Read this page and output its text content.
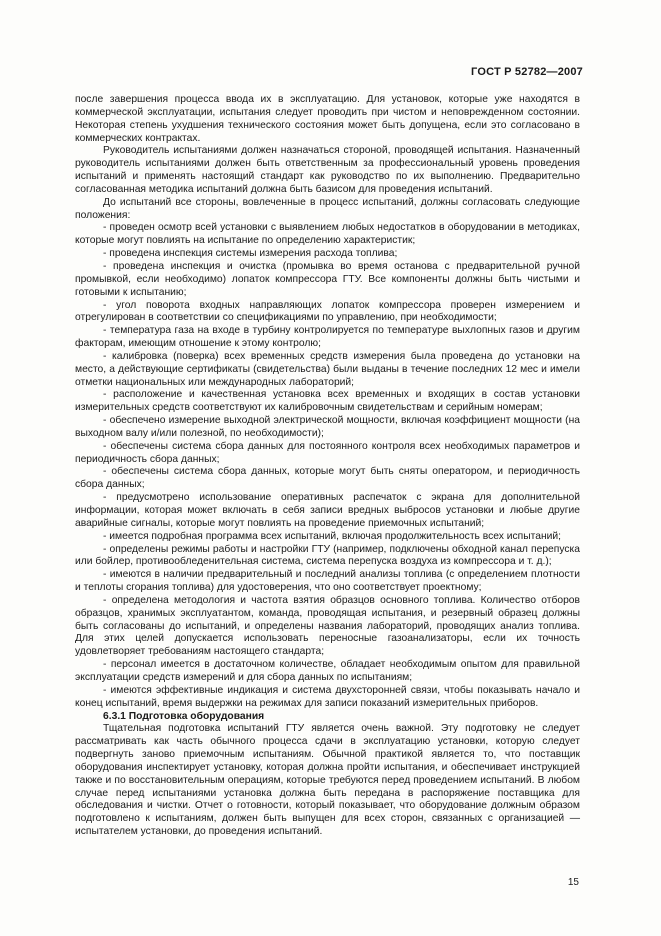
ГОСТ Р 52782—2007

после завершения процесса ввода их в эксплуатацию. Для установок, которые уже находятся в коммерческой эксплуатации, испытания следует проводить при чистом и неповрежденном состоянии. Некоторая степень ухудшения технического состояния может быть допущена, если это согласовано в коммерческих контрактах.

Руководитель испытаниями должен назначаться стороной, проводящей испытания. Назначенный руководитель испытаниями должен быть ответственным за профессиональный уровень проведения испытаний и применять настоящий стандарт как руководство по их выполнению. Предварительно согласованная методика испытаний должна быть базисом для проведения испытаний.

До испытаний все стороны, вовлеченные в процесс испытаний, должны согласовать следующие положения:

- проведен осмотр всей установки с выявлением любых недостатков в оборудовании в методиках, которые могут повлиять на испытание по определению характеристик;

- проведена инспекция системы измерения расхода топлива;

- проведена инспекция и очистка (промывка во время останова с предварительной ручной промывкой, если необходимо) лопаток компрессора ГТУ. Все компоненты должны быть чистыми и готовыми к испытанию;

- угол поворота входных направляющих лопаток компрессора проверен измерением и отрегулирован в соответствии со спецификациями по управлению, при необходимости;

- температура газа на входе в турбину контролируется по температуре выхлопных газов и другим факторам, имеющим отношение к этому контролю;

- калибровка (поверка) всех временных средств измерения была проведена до установки на место, а действующие сертификаты (свидетельства) были выданы в течение последних 12 мес и имели отметки национальных или международных лабораторий;

- расположение и качественная установка всех временных и входящих в состав установки измерительных средств соответствуют их калибровочным свидетельствам и серийным номерам;

- обеспечено измерение выходной электрической мощности, включая коэффициент мощности (на выходном валу и/или полезной, по необходимости);

- обеспечены система сбора данных для постоянного контроля всех необходимых параметров и периодичность сбора данных;

- обеспечены система сбора данных, которые могут быть сняты оператором, и периодичность сбора данных;

- предусмотрено использование оперативных распечаток с экрана для дополнительной информации, которая может включать в себя записи вредных выбросов установки и любые другие аварийные сигналы, которые могут повлиять на проведение приемочных испытаний;

- имеется подробная программа всех испытаний, включая продолжительность всех испытаний;

- определены режимы работы и настройки ГТУ (например, подключены обходной канал перепуска или бойлер, противообледенительная система, система перепуска воздуха из компрессора и т. д.);

- имеются в наличии предварительный и последний анализы топлива (с определением плотности и теплоты сгорания топлива) для удостоверения, что оно соответствует проектному;

- определена методология и частота взятия образцов основного топлива. Количество отборов образцов, хранимых эксплуатантом, команда, проводящая испытания, и резервный образец должны быть согласованы до испытаний, и определены названия лабораторий, проводящих анализ топлива. Для этих целей допускается использовать переносные газоанализаторы, если их точность удовлетворяет требованиям настоящего стандарта;

- персонал имеется в достаточном количестве, обладает необходимым опытом для правильной эксплуатации средств измерений и для сбора данных по испытаниям;

- имеются эффективные индикация и система двухсторонней связи, чтобы показывать начало и конец испытаний, время выдержки на режимах для записи показаний измерительных приборов.

6.3.1 Подготовка оборудования

Тщательная подготовка испытаний ГТУ является очень важной. Эту подготовку не следует рассматривать как часть обычного процесса сдачи в эксплуатацию установки, которую следует подвергнуть заново приемочным испытаниям. Обычной практикой является то, что поставщик оборудования инспектирует установку, которая должна пройти испытания, и обеспечивает инструкцией также и по восстановительным операциям, которые требуются перед проведением испытаний. В любом случае перед испытаниями установка должна быть передана в распоряжение поставщика для обследования и чистки. Отчет о готовности, который показывает, что оборудование должным образом подготовлено к испытаниям, должен быть выпущен для всех сторон, связанных с организацией —испытателем установки, до проведения испытаний.

15
